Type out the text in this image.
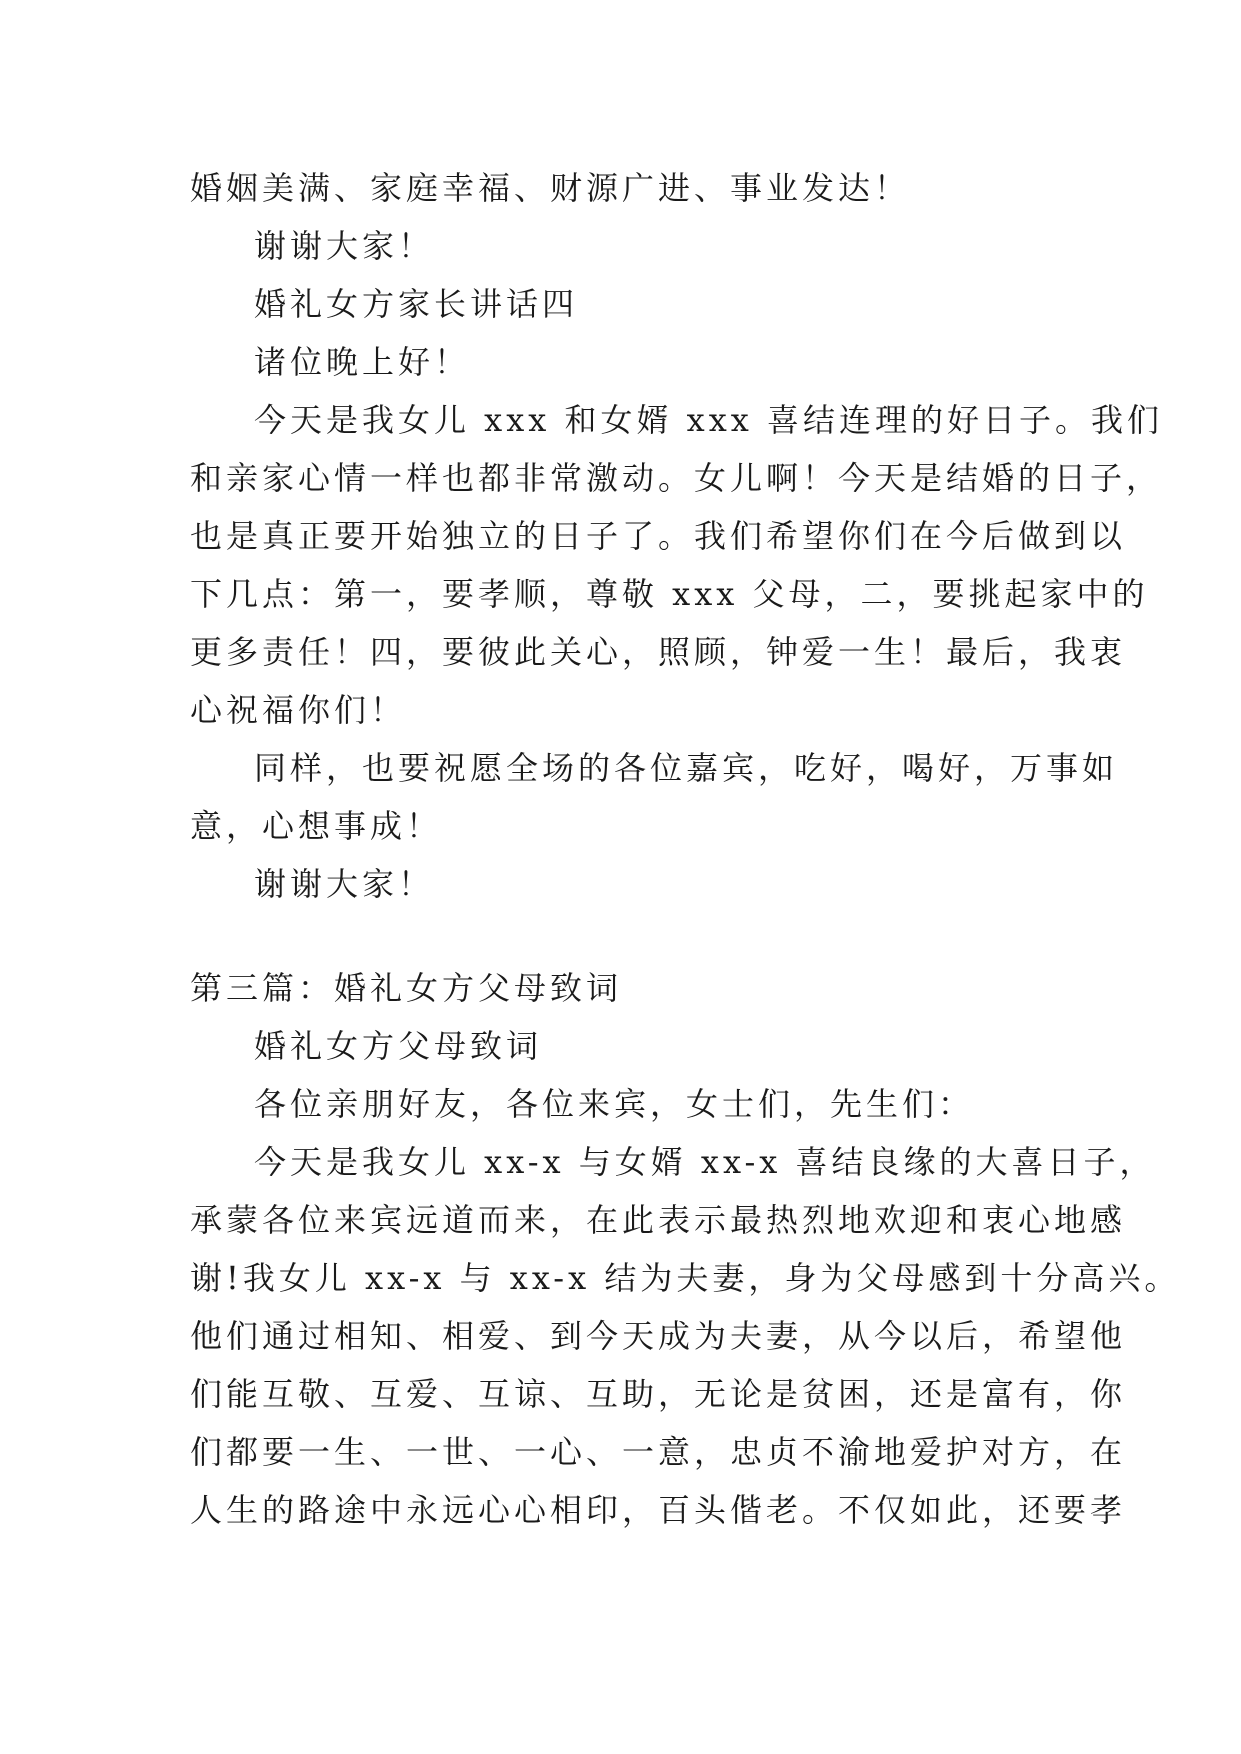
婚姻美满、家庭幸福、财源广进、事业发达！
谢谢大家！
婚礼女方家长讲话四
诸位晚上好！
今天是我女儿 xxx 和女婿 xxx 喜结连理的好日子。我们
和亲家心情一样也都非常激动。女儿啊！今天是结婚的日子，
也是真正要开始独立的日子了。我们希望你们在今后做到以
下几点：第一，要孝顺，尊敬 xxx 父母，二，要挑起家中的
更多责任！四，要彼此关心，照顾，钟爱一生！最后，我衷
心祝福你们！
同样，也要祝愿全场的各位嘉宾，吃好，喝好，万事如
意，心想事成！
谢谢大家！
第三篇：婚礼女方父母致词
婚礼女方父母致词
各位亲朋好友，各位来宾，女士们，先生们：
今天是我女儿 xx-x 与女婿 xx-x 喜结良缘的大喜日子，
承蒙各位来宾远道而来，在此表示最热烈地欢迎和衷心地感
谢!我女儿 xx-x 与 xx-x 结为夫妻，身为父母感到十分高兴。
他们通过相知、相爱、到今天成为夫妻，从今以后，希望他
们能互敬、互爱、互谅、互助，无论是贫困，还是富有，你
们都要一生、一世、一心、一意，忠贞不渝地爱护对方，在
人生的路途中永远心心相印，百头偕老。不仅如此，还要孝
